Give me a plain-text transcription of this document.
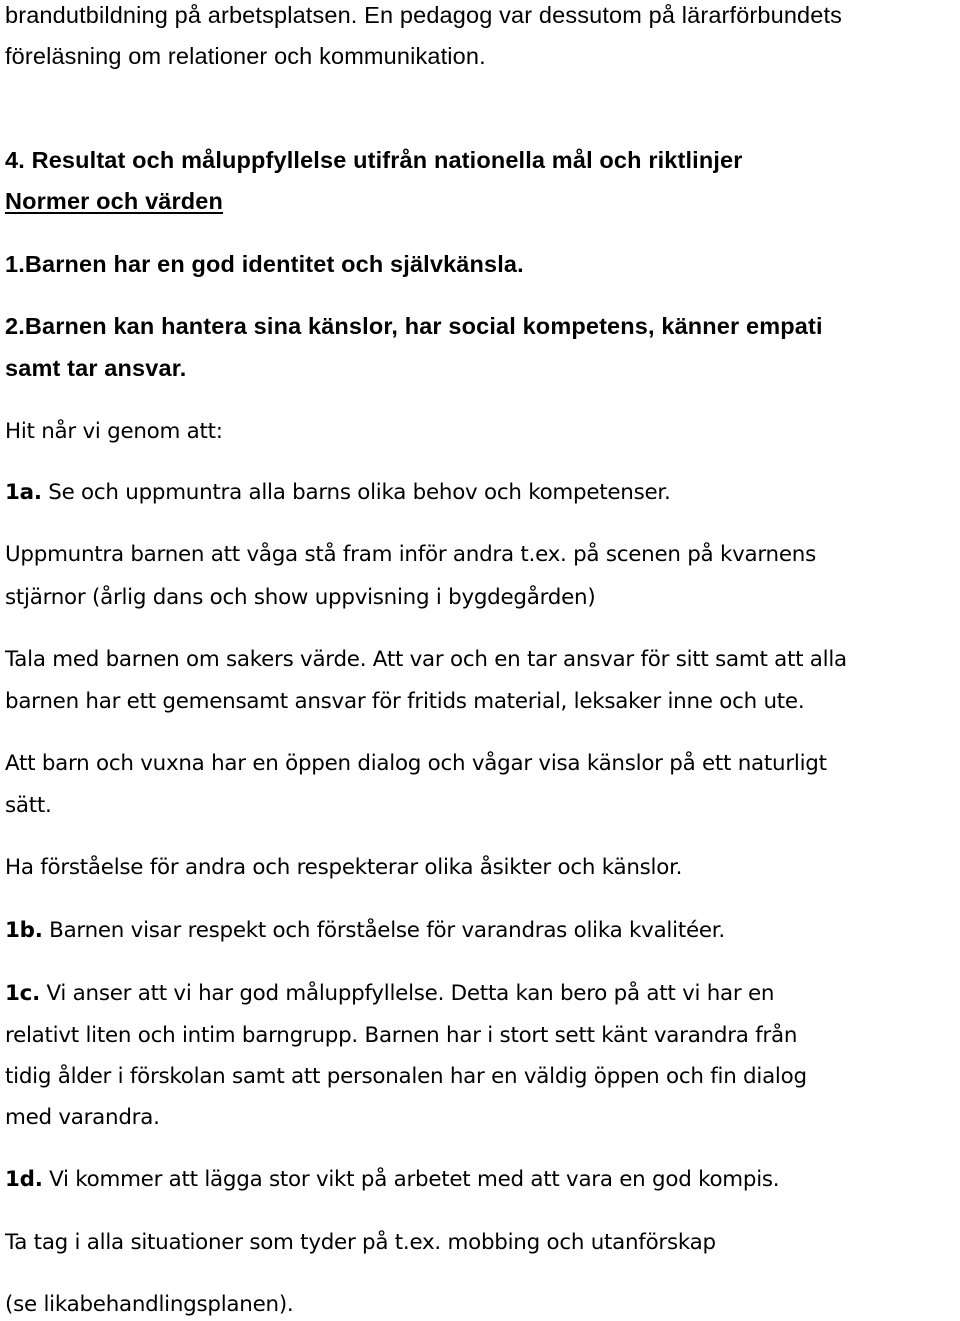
brandutbildning på arbetsplatsen. En pedagog var dessutom på lärarförbundets
föreläsning om relationer och kommunikation.
4. Resultat och måluppfyllelse utifrån nationella mål och riktlinjer
Normer och värden
1.Barnen har en god identitet och självkänsla.
2.Barnen kan hantera sina känslor, har social kompetens, känner empati
samt tar ansvar.
Hit når vi genom att:
1a. Se och uppmuntra alla barns olika behov och kompetenser.
Uppmuntra barnen att våga stå fram inför andra t.ex. på scenen på kvarnens
stjärnor (årlig dans och show uppvisning i bygdegården)
Tala med barnen om sakers värde. Att var och en tar ansvar för sitt samt att alla
barnen har ett gemensamt ansvar för fritids material, leksaker inne och ute.
Att barn och vuxna har en öppen dialog och vågar visa känslor på ett naturligt
sätt.
Ha förståelse för andra och respekterar olika åsikter och känslor.
1b. Barnen visar respekt och förståelse för varandras olika kvalitéer.
1c. Vi anser att vi har god måluppfyllelse. Detta kan bero på att vi har en
relativt liten och intim barngrupp. Barnen har i stort sett känt varandra från
tidig ålder i förskolan samt att personalen har en väldig öppen och fin dialog
med varandra.
1d. Vi kommer att lägga stor vikt på arbetet med att vara en god kompis.
Ta tag i alla situationer som tyder på t.ex. mobbing och utanförskap
(se likabehandlingsplanen).
